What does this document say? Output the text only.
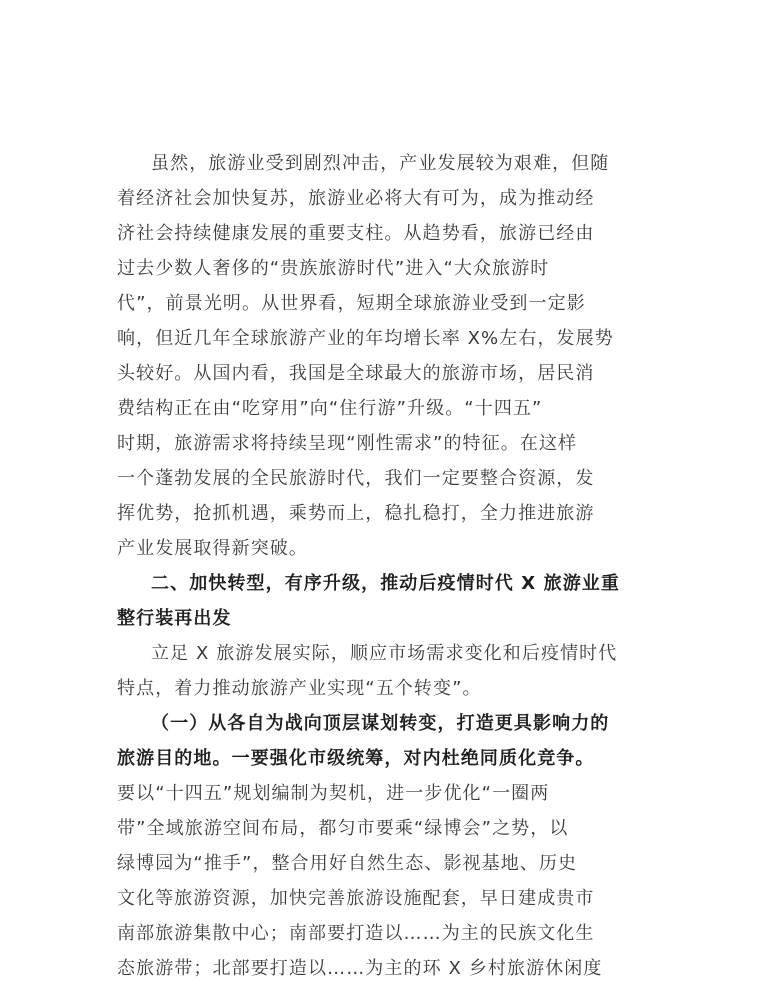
虽然，旅游业受到剧烈冲击，产业发展较为艰难，但随
着经济社会加快复苏，旅游业必将大有可为，成为推动经
济社会持续健康发展的重要支柱。从趋势看，旅游已经由
过去少数人奢侈的“贵族旅游时代”进入“大众旅游时
代”，前景光明。从世界看，短期全球旅游业受到一定影
响，但近几年全球旅游产业的年均增长率 X%左右，发展势
头较好。从国内看，我国是全球最大的旅游市场，居民消
费结构正在由“吃穿用”向“住行游”升级。“十四五”
时期，旅游需求将持续呈现“刚性需求”的特征。在这样
一个蓬勃发展的全民旅游时代，我们一定要整合资源，发
挥优势，抢抓机遇，乘势而上，稳扎稳打，全力推进旅游
产业发展取得新突破。
二、加快转型，有序升级，推动后疫情时代 X 旅游业重
整行装再出发
立足 X 旅游发展实际，顺应市场需求变化和后疫情时代
特点，着力推动旅游产业实现“五个转变”。
（一）从各自为战向顶层谋划转变，打造更具影响力的
旅游目的地。一要强化市级统筹，对内杜绝同质化竞争。
要以“十四五”规划编制为契机，进一步优化“一圈两
带”全域旅游空间布局，都匀市要乘“绿博会”之势，以
绿博园为“推手”，整合用好自然生态、影视基地、历史
文化等旅游资源，加快完善旅游设施配套，早日建成贵市
南部旅游集散中心；南部要打造以……为主的民族文化生
态旅游带；北部要打造以……为主的环 X 乡村旅游休闲度
